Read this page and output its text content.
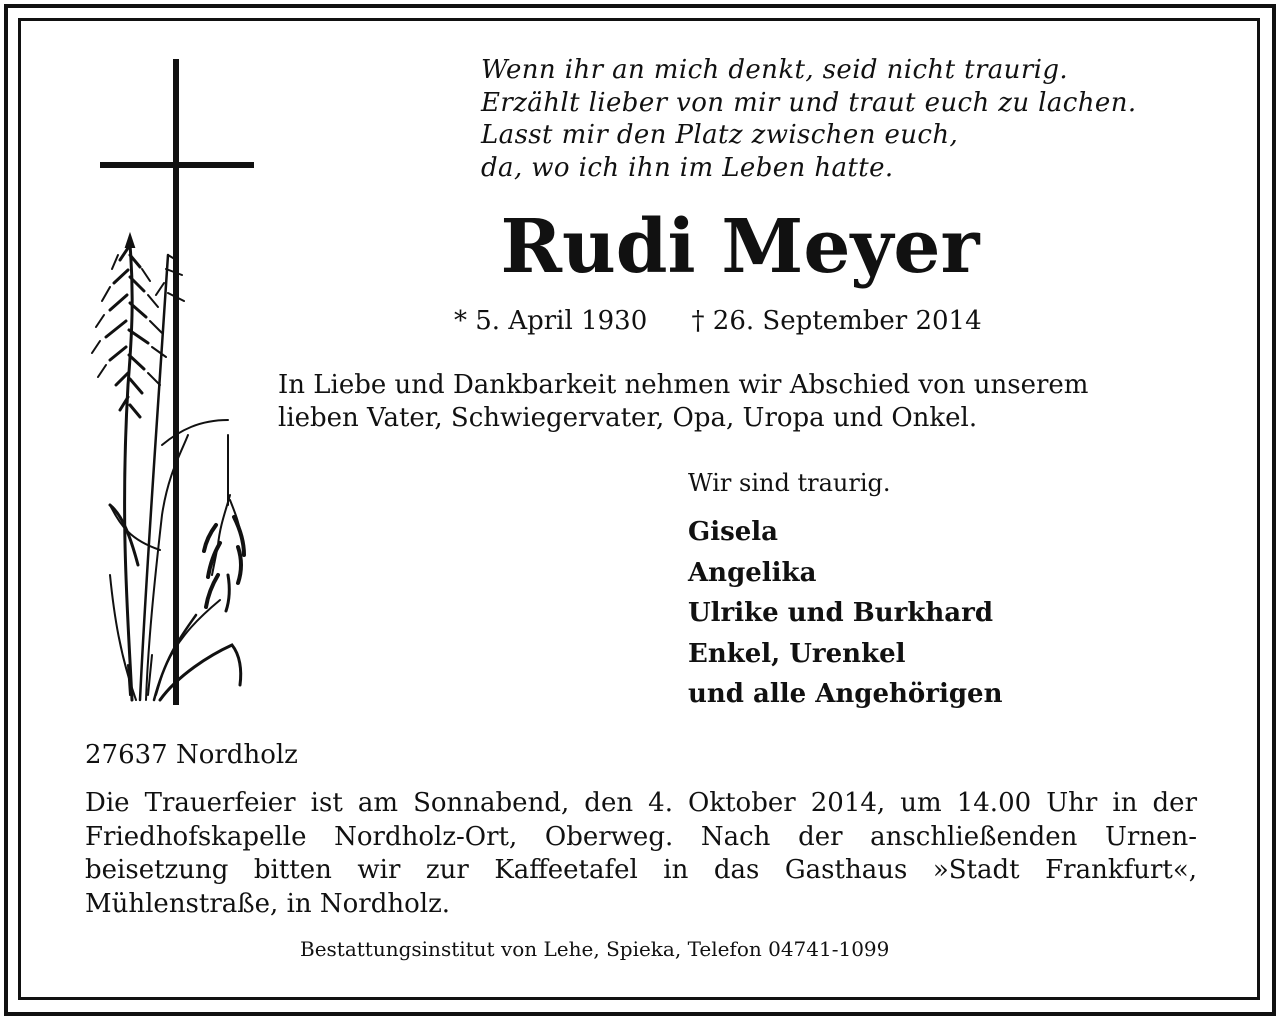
Wenn ihr an mich denkt, seid nicht traurig.
Erzählt lieber von mir und traut euch zu lachen.
Lasst mir den Platz zwischen euch,
da, wo ich ihn im Leben hatte.
Rudi Meyer
* 5. April 1930 † 26. September 2014
In Liebe und Dankbarkeit nehmen wir Abschied von unserem
lieben Vater, Schwiegervater, Opa, Uropa und Onkel.
Wir sind traurig.
Gisela
Angelika
Ulrike und Burkhard
Enkel, Urenkel
und alle Angehörigen
27637 Nordholz
Die Trauerfeier ist am Sonnabend, den 4. Oktober 2014, um 14.00 Uhr in der
Friedhofskapelle Nordholz-Ort, Oberweg. Nach der anschließenden Urnen-
beisetzung bitten wir zur Kaffeetafel in das Gasthaus »Stadt Frankfurt«,
Mühlenstraße, in Nordholz.
Bestattungsinstitut von Lehe, Spieka, Telefon 04741-1099
